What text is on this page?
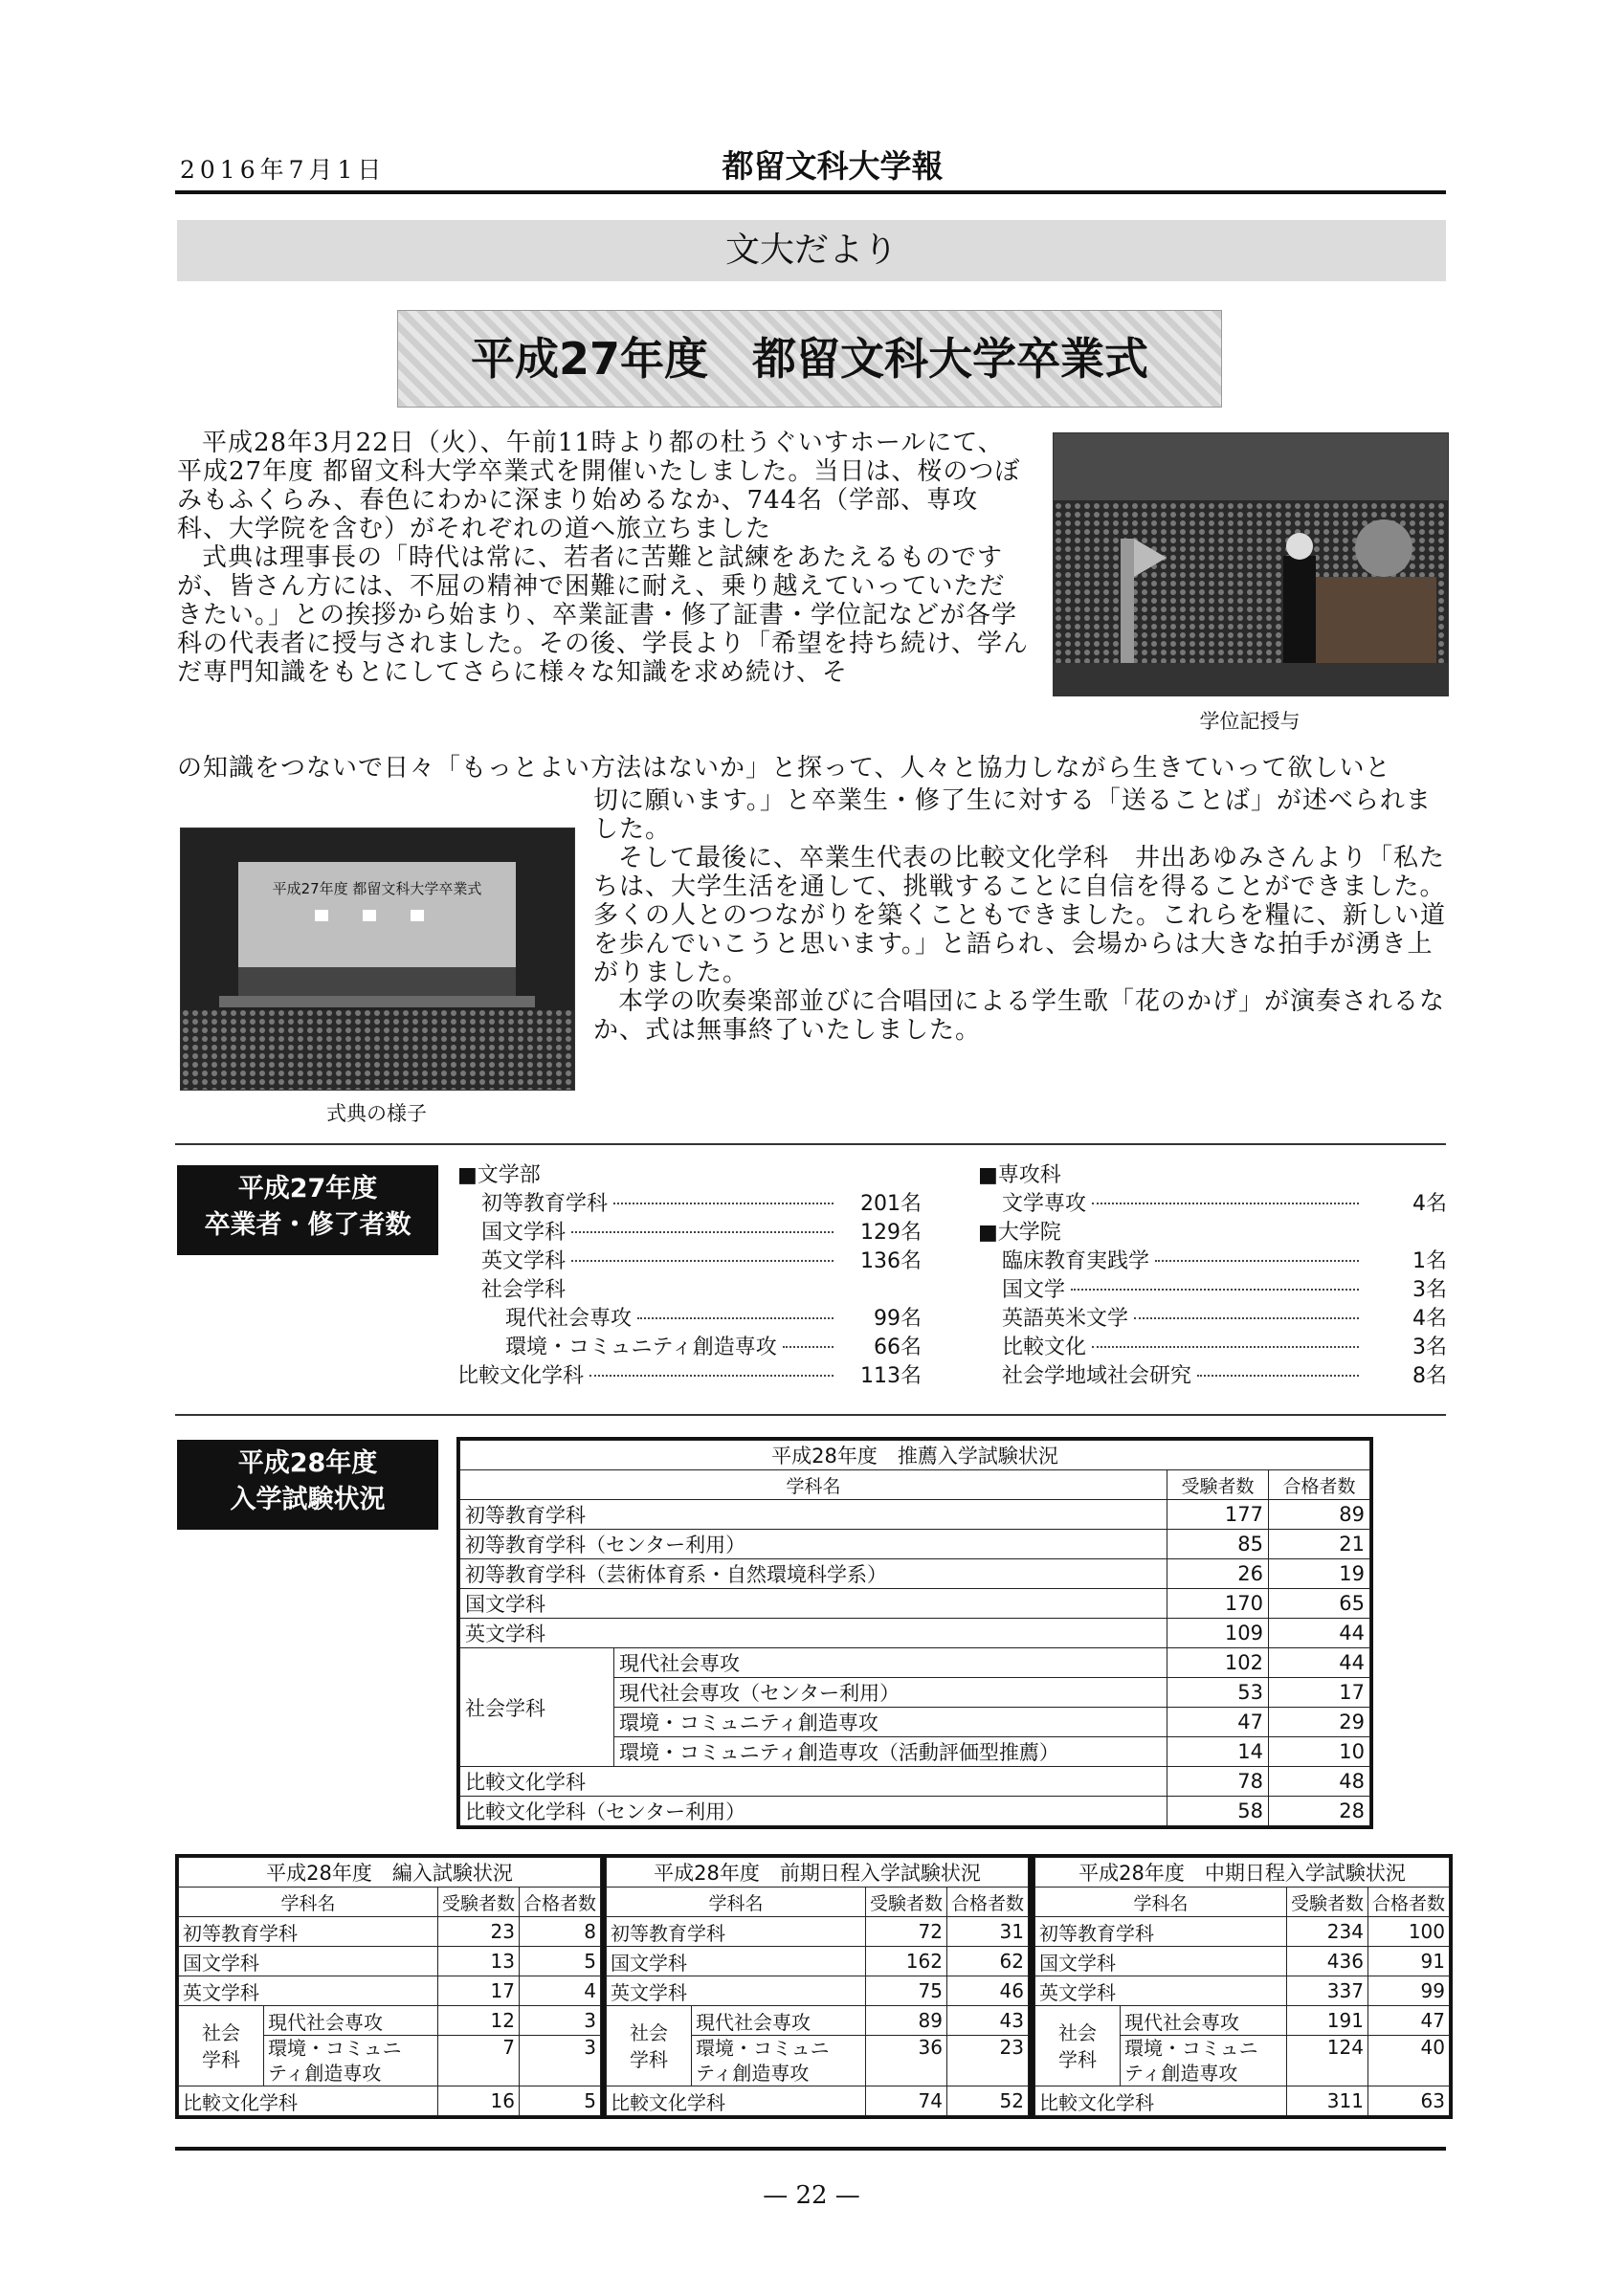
2016年7月1日	都留文科大学報
文大だより
平成27年度　都留文科大学卒業式

平成28年3月22日（火）、午前11時より都の杜うぐいすホールにて、平成27年度 都留文科大学卒業式を開催いたしました。当日は、桜のつぼみもふくらみ、春色にわかに深まり始めるなか、744名（学部、専攻科、大学院を含む）がそれぞれの道へ旅立ちました

式典は理事長の「時代は常に、若者に苦難と試練をあたえるものですが、皆さん方には、不屈の精神で困難に耐え、乗り越えていっていただきたい。」との挨拶から始まり、卒業証書・修了証書・学位記などが各学科の代表者に授与されました。その後、学長より「希望を持ち続け、学んだ専門知識をもとにしてさらに様々な知識を求め続け、そ

の知識をつないで日々「もっとよい方法はないか」と探って、人々と協力しながら生きていって欲しいと
切に願います。」と卒業生・修了生に対する「送ることば」が述べられました。

そして最後に、卒業生代表の比較文化学科　井出あゆみさんより「私たちは、大学生活を通して、挑戦することに自信を得ることができました。多くの人とのつながりを築くこともできました。これらを糧に、新しい道を歩んでいこうと思います。」と語られ、会場からは大きな拍手が湧き上がりました。

本学の吹奏楽部並びに合唱団による学生歌「花のかげ」が演奏されるなか、式は無事終了いたしました。

学位記授与
平成27年度 都留文科大学卒業式
式典の様子
平成27年度
卒業者・修了者数
■文学部
初等教育学科	201名
国文学科	129名
英文学科	136名
社会学科
現代社会専攻	99名
環境・コミュニティ創造専攻	66名
比較文化学科	113名
■専攻科
文学専攻	4名
■大学院
臨床教育実践学	1名
国文学	3名
英語英米文学	4名
比較文化	3名
社会学地域社会研究	8名
平成28年度
入学試験状況
平成28年度　推薦入学試験状況			
学科名		受験者数	合格者数
初等教育学科		177	89
初等教育学科（センター利用）		85	21
初等教育学科（芸術体育系・自然環境科学系）		26	19
国文学科		170	65
英文学科		109	44
社会学科	現代社会専攻	102	44
	現代社会専攻（センター利用）	53	17
	環境・コミュニティ創造専攻	47	29
	環境・コミュニティ創造専攻（活動評価型推薦）	14	10
比較文化学科		78	48
比較文化学科（センター利用）		58	28
平成28年度　編入試験状況			
学科名		受験者数	合格者数
初等教育学科		23	8
国文学科		13	5
英文学科		17	4

社会
学科	現代社会専攻	12	3

	環境・コミュニ
ティ創造専攻	7	3
比較文化学科		16	5
平成28年度　前期日程入学試験状況			
学科名		受験者数	合格者数
初等教育学科		72	31
国文学科		162	62
英文学科		75	46

社会
学科	現代社会専攻	89	43

	環境・コミュニ
ティ創造専攻	36	23
比較文化学科		74	52
平成28年度　中期日程入学試験状況			
学科名		受験者数	合格者数
初等教育学科		234	100
国文学科		436	91
英文学科		337	99

社会
学科	現代社会専攻	191	47

	環境・コミュニ
ティ創造専攻	124	40
比較文化学科		311	63
— 22 —
